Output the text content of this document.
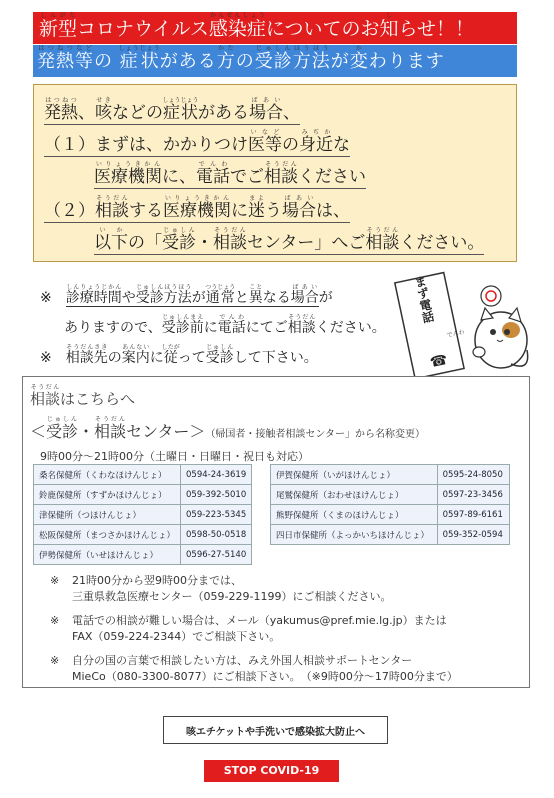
新型しんがたコロナウイルス感染症かんせんしょうについてのお知しらせ！！
発熱等はつねつなどの 症状しょうじょうがある方かたの受診方法じゅしんほうほうが変かわります
発熱はつねつ、咳せきなどの症状しょうじょうがある場合ばあい、
（１）まずは、かかりつけ医等いなどの身近みぢかな
医療機関いりょうきかんに、電話でんわでご相談そうだんください
（２）相談そうだんする医療機関いりょうきかんに迷まよう場合ばあいは、
以下いかの「受診じゅしん・相談そうだんセンター」へご相談そうだんください。
※ 診療時間しんりょうじかんや受診方法じゅしんほうほうが通常つうじょうと異ことなる場合ばあいが
ありますので、受診前じゅしんまえに電話でんわにてご相談そうだんください。
※ 相談先そうだんさきの案内あんないに従したがって受診じゅしんして下さい。
まず電話
でんわ
☎
相談そうだんはこちらへ
＜受診じゅしん・相談そうだんセンター＞（帰国者・接触者相談センター」から名称変更）
9時00分～21時00分（土曜日・日曜日・祝日も対応）
桑名保健所（くわなほけんじょ）	0594-24-3619
鈴鹿保健所（すずかほけんじょ）	059-392-5010
津保健所（つほけんじょ）	059-223-5345
松阪保健所（まつさかほけんじょ）	0598-50-0518
伊勢保健所（いせほけんじょ）	0596-27-5140
伊賀保健所（いがほけんじょ）	0595-24-8050
尾鷲保健所（おわせほけんじょ）	0597-23-3456
熊野保健所（くまのほけんじょ）	0597-89-6161
四日市保健所（よっかいちほけんじょ）	059-352-0594
※ 21時00分から翌9時00分までは、
三重県救急医療センター（059-229-1199）にご相談ください。
※ 電話での相談が難しい場合は、メール（yakumus@pref.mie.lg.jp）または
FAX（059-224-2344）でご相談下さい。
※ 自分の国の言葉で相談したい方は、みえ外国人相談サポートセンター
MieCo（080-3300-8077）にご相談下さい。　（※9時00分～17時00分まで）
咳エチケットや手洗いで感染拡大防止へ
STOP COVID-19
